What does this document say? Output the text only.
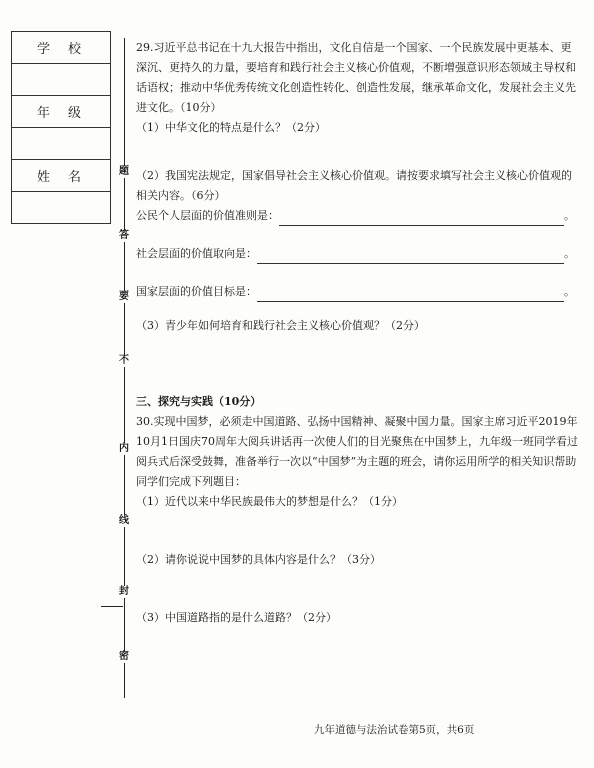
学校

年级

姓名	题
答
要
不
内
线
封
密

29.习近平总书记在十九大报告中指出，文化自信是一个国家、一个民族发展中更基本、更深沉、更持久的力量，要培育和践行社会主义核心价值观，不断增强意识形态领域主导权和话语权；推动中华优秀传统文化创造性转化、创造性发展，继承革命文化，发展社会主义先进文化。（10分）

（1）中华文化的特点是什么？（2分）

（2）我国宪法规定，国家倡导社会主义核心价值观。请按要求填写社会主义核心价值观的相关内容。（6分）

公民个人层面的价值准则是：	。
社会层面的价值取向是：	。
国家层面的价值目标是：	。

（3）青少年如何培育和践行社会主义核心价值观？（2分）

三、探究与实践（10分）

30.实现中国梦，必须走中国道路、弘扬中国精神、凝聚中国力量。国家主席习近平2019年10月1日国庆70周年大阅兵讲话再一次使人们的目光聚焦在中国梦上，九年级一班同学看过阅兵式后深受鼓舞，准备举行一次以“中国梦”为主题的班会，请你运用所学的相关知识帮助同学们完成下列题目：

（1）近代以来中华民族最伟大的梦想是什么？（1分）

（2）请你说说中国梦的具体内容是什么？（3分）

（3）中国道路指的是什么道路？（2分）

九年道德与法治试卷第5页，共6页
